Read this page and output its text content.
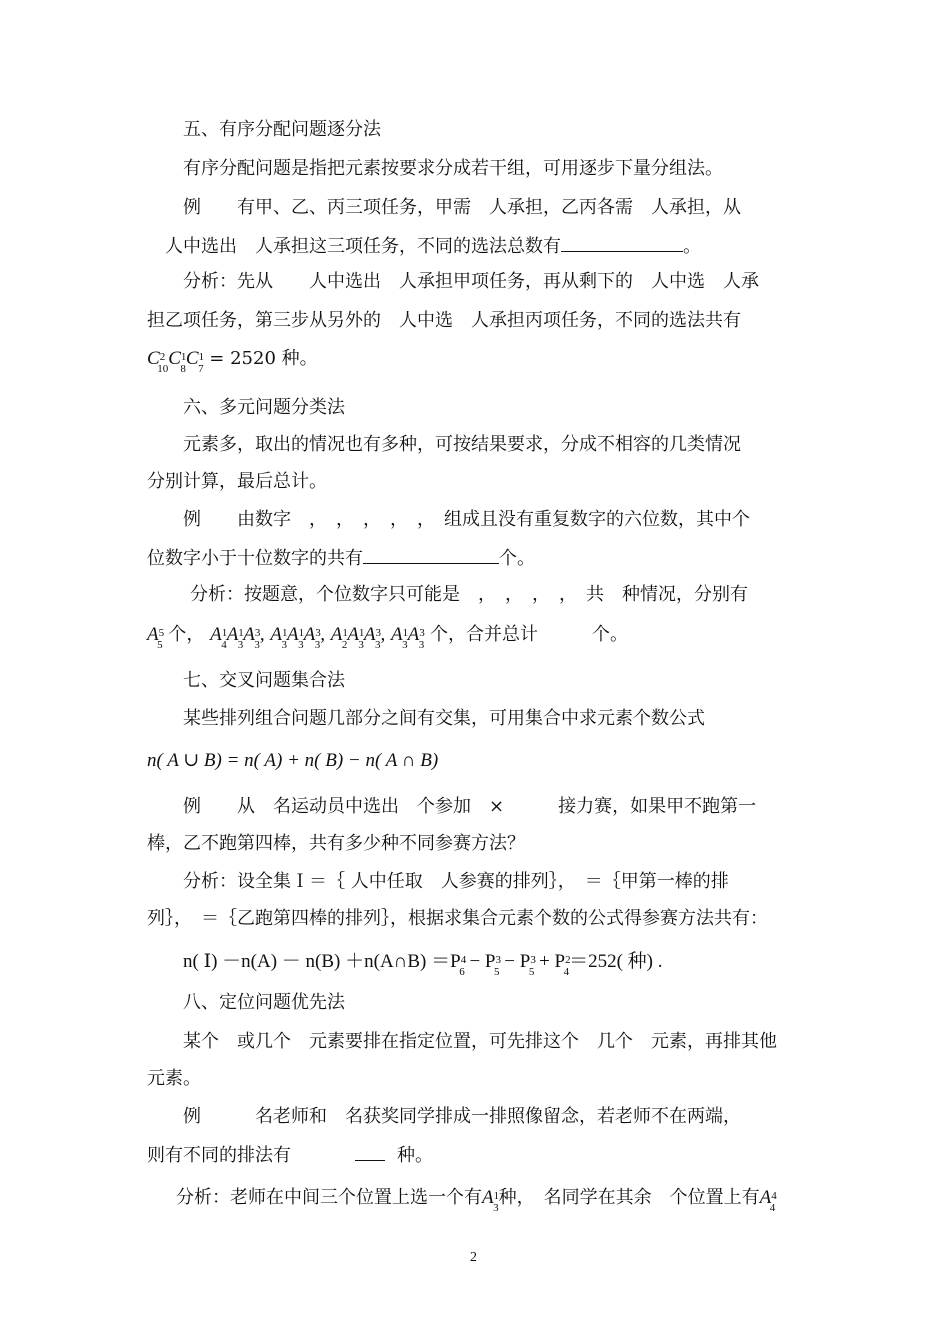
五、有序分配问题逐分法
有序分配问题是指把元素按要求分成若干组，可用逐步下量分组法。
例　　有甲、乙、丙三项任务，甲需　人承担，乙丙各需　人承担，从
　人中选出　人承担这三项任务，不同的选法总数有	。
分析：先从　　人中选出　人承担甲项任务，再从剩下的　人中选　人承
担乙项任务，第三步从另外的　人中选　人承担丙项任务，不同的选法共有
$C^2_{10}C^1_8C^1_7 = 2520$ 种。
六、多元问题分类法
元素多，取出的情况也有多种，可按结果要求，分成不相容的几类情况
分别计算，最后总计。
例　　由数字　，　，　，　，　，　组成且没有重复数字的六位数，其中个
位数字小于十位数字的共有	个。
分析：按题意，个位数字只可能是　，　，　，　，　共　种情况，分别有
$A^5_5$ 个， $A^1_4A^1_3A^3_3$, $A^1_3A^1_3A^3_3$, $A^1_2A^1_3A^3_3$, $A^1_3A^3_3$ 个，合并总计　　　个。
七、交叉问题集合法
某些排列组合问题几部分之间有交集，可用集合中求元素个数公式
n( A ∪ B) = n( A) + n( B) − n( A ∩ B)
例　　从　名运动员中选出　个参加　×　　　接力赛，如果甲不跑第一
棒，乙不跑第四棒，共有多少种不同参赛方法？
分析：设全集Ｉ＝｛ 人中任取　人参赛的排列｝，　＝｛甲第一棒的排
列｝，　＝｛乙跑第四棒的排列｝，根据求集合元素个数的公式得参赛方法共有：
n( Ⅰ) －n(A) － n(B) ＋n(A∩B) $=P^4_6 - P^3_5 - P^3_5 + P^2_4=252$( 种) .
八、定位问题优先法
某个　或几个　元素要排在指定位置，可先排这个　几个　元素，再排其他
元素。
例　　　名老师和　名获奖同学排成一排照像留念，若老师不在两端，
则有不同的排法有	种。
分析：老师在中间三个位置上选一个有$A^1_3$种，　名同学在其余　个位置上有$A^4_4$
2
